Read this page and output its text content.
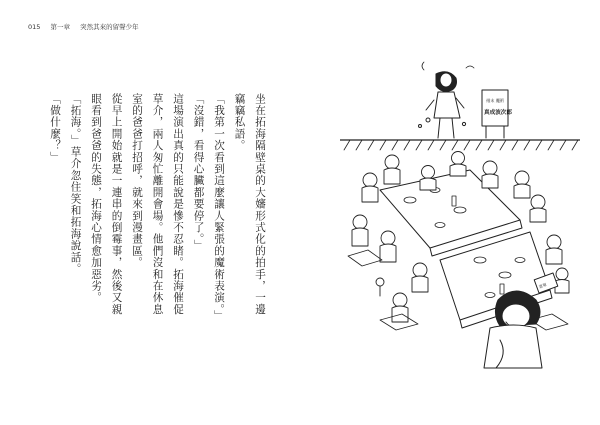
015 第一章 突然其來的留聲少年

坐在拓海隔壁桌的大嬸形式化的拍手，一邊竊竊私語。

「我第一次看到這麼讓人緊張的魔術表演。」

「沒錯，看得心臟都要停了。」

這場演出真的只能說是慘不忍睹。拓海催促草介，兩人匆忙離開會場。他們沒和在休息室的爸爸打招呼，就來到漫畫區。

從早上開始就是一連串的倒霉事，然後又親眼看到爸爸的失態，拓海心情愈加惡劣。

「拓海。」草介忽住笑和拓海說話。

「做什麼？」	週末 魔術
真成波次郎
菜單
